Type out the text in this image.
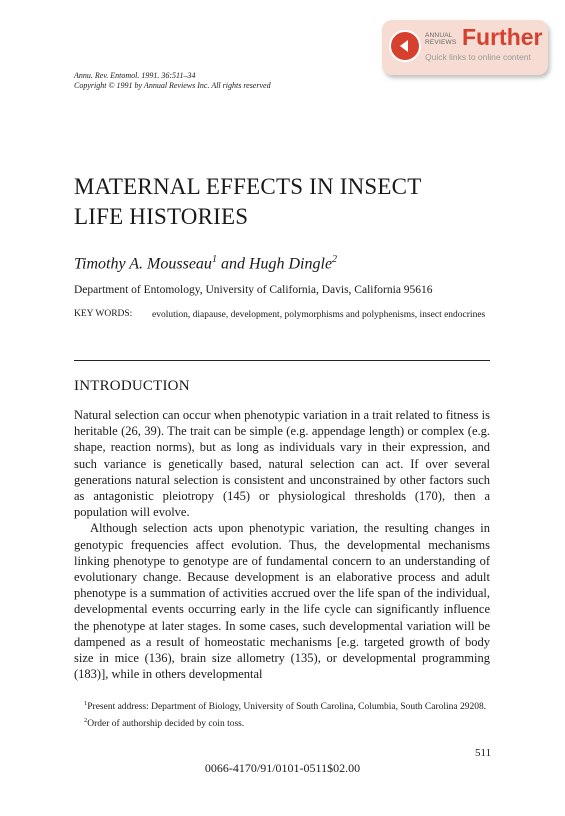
ANNUAL
REVIEWS Further
Quick links to online content
Annu. Rev. Entomol. 1991. 36:511–34
Copyright © 1991 by Annual Reviews Inc. All rights reserved
MATERNAL EFFECTS IN INSECT
LIFE HISTORIES
Timothy A. Mousseau$^1$ and Hugh Dingle$^2$
Department of Entomology, University of California, Davis, California 95616
KEY WORDS: evolution, diapause, development, polymorphisms and polyphenisms, insect endocrines
INTRODUCTION

Natural selection can occur when phenotypic variation in a trait related to fitness is heritable (26, 39). The trait can be simple (e.g. appendage length) or complex (e.g. shape, reaction norms), but as long as individuals vary in their expression, and such variance is genetically based, natural selection can act. If over several generations natural selection is consistent and unconstrained by other factors such as antagonistic pleiotropy (145) or physiological thresholds (170), then a population will evolve.

Although selection acts upon phenotypic variation, the resulting changes in genotypic frequencies affect evolution. Thus, the developmental mechanisms linking phenotype to genotype are of fundamental concern to an understanding of evolutionary change. Because development is an elaborative process and adult phenotype is a summation of activities accrued over the life span of the individual, developmental events occurring early in the life cycle can significantly influence the phenotype at later stages. In some cases, such developmental variation will be dampened as a result of homeostatic mechanisms [e.g. targeted growth of body size in mice (136), brain size allometry (135), or developmental programming (183)], while in others developmental

$^1$Present address: Department of Biology, University of South Carolina, Columbia, South Carolina 29208.

$^2$Order of authorship decided by coin toss.

511
0066-4170/91/0101-0511$02.00
